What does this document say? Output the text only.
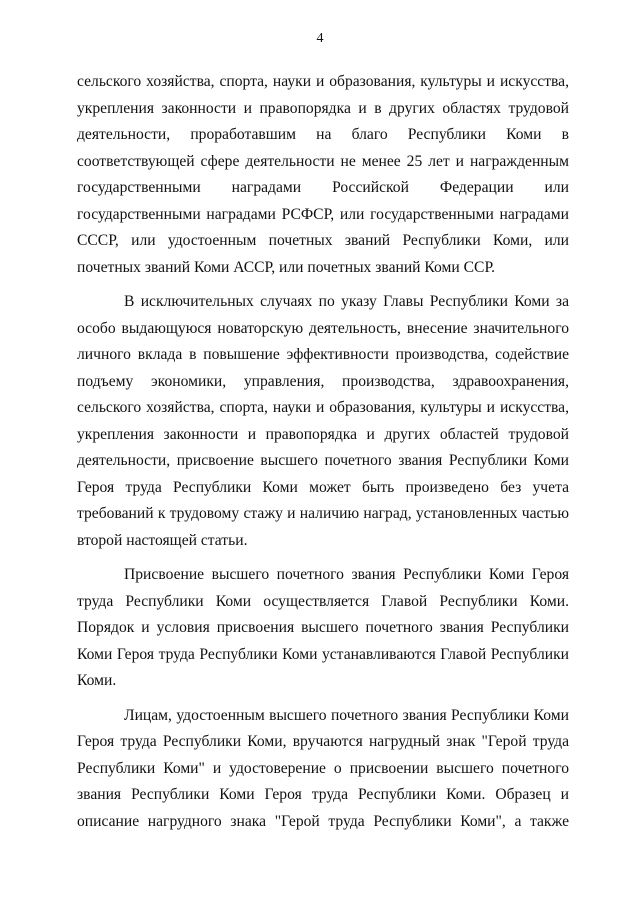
4

сельского хозяйства, спорта, науки и образования, культуры и искусства,
укрепления законности и правопорядка и в других областях трудовой
деятельности, проработавшим на благо Республики Коми в
соответствующей сфере деятельности не менее 25 лет и награжденным
государственными наградами Российской Федерации или
государственными наградами РСФСР, или государственными наградами
СССР, или удостоенным почетных званий Республики Коми, или
почетных званий Коми АССР, или почетных званий Коми ССР.

В исключительных случаях по указу Главы Республики Коми за
особо выдающуюся новаторскую деятельность, внесение значительного
личного вклада в повышение эффективности производства, содействие
подъему экономики, управления, производства, здравоохранения,
сельского хозяйства, спорта, науки и образования, культуры и искусства,
укрепления законности и правопорядка и других областей трудовой
деятельности, присвоение высшего почетного звания Республики Коми
Героя труда Республики Коми может быть произведено без учета
требований к трудовому стажу и наличию наград, установленных частью
второй настоящей статьи.

Присвоение высшего почетного звания Республики Коми Героя
труда Республики Коми осуществляется Главой Республики Коми.
Порядок и условия присвоения высшего почетного звания Республики
Коми Героя труда Республики Коми устанавливаются Главой Республики
Коми.

Лицам, удостоенным высшего почетного звания Республики Коми
Героя труда Республики Коми, вручаются нагрудный знак "Герой труда
Республики Коми" и удостоверение о присвоении высшего почетного
звания Республики Коми Героя труда Республики Коми. Образец и
описание нагрудного знака "Герой труда Республики Коми", а также
